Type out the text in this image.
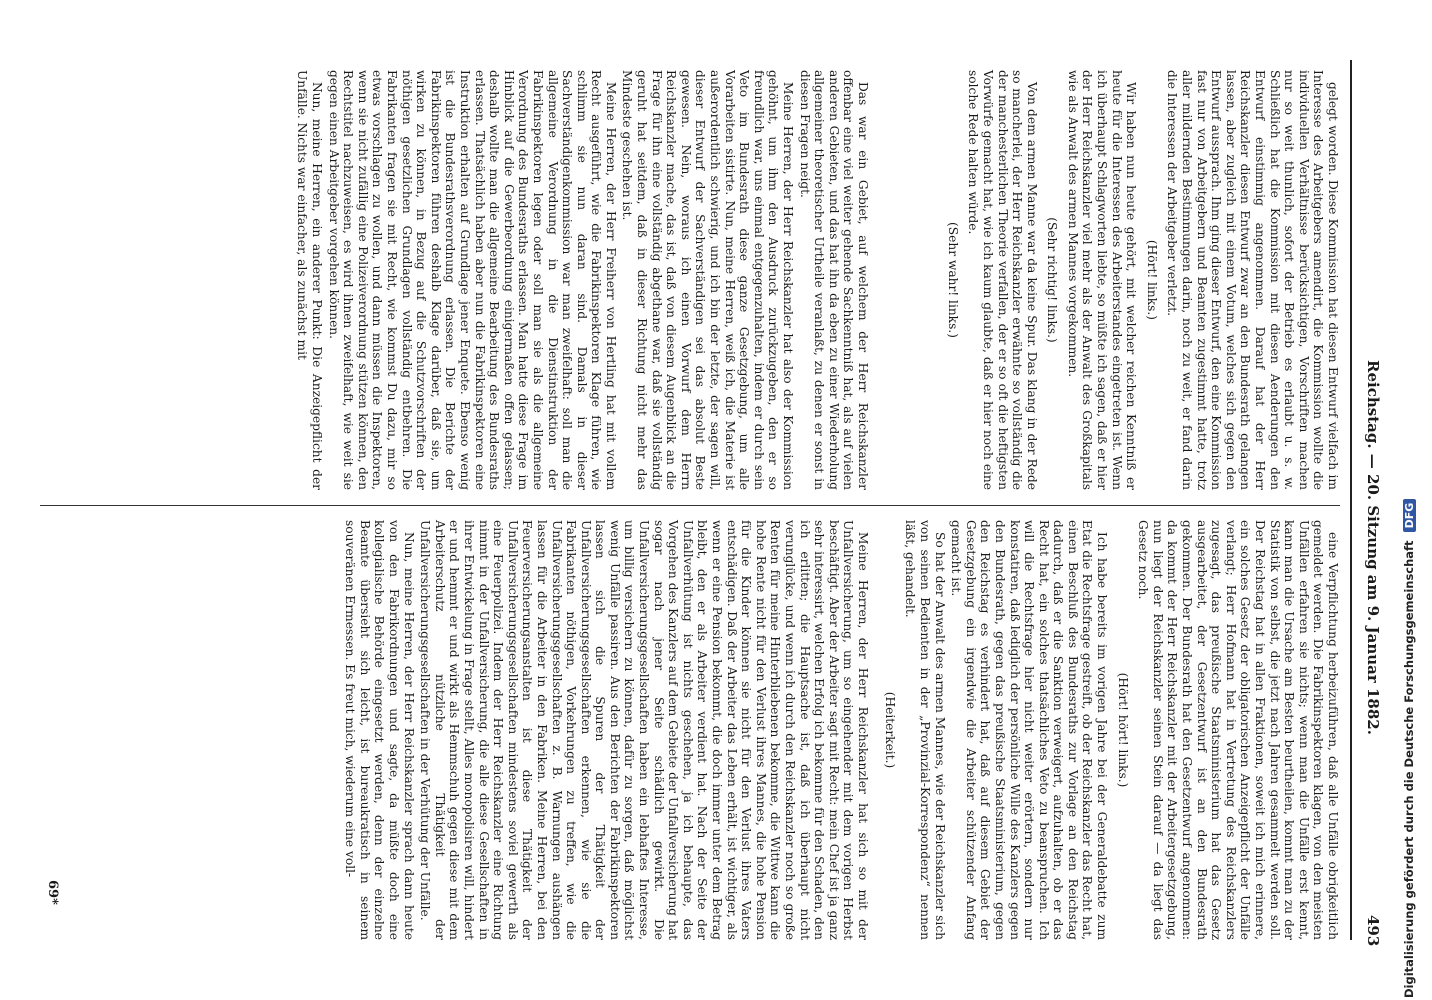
Reichstag. — 20. Sitzung am 9. Januar 1882.
493

gelegt worden. Diese Kommission hat diesen Entwurf vielfach im Interesse des Arbeitgebers amendirt, die Kommission wollte die individuellen Verhältnisse berücksichtigen, Vorschriften machen nur so weit thunlich, sofort der Betrieb es erlaubt u. s. w. Schließlich hat die Kommission mit diesen Aenderungen den Entwurf einstimmig angenommen. Darauf hat der Herr Reichskanzler diesen Entwurf zwar an den Bundesrath gelangen lassen, aber zugleich mit einem Votum, welches sich gegen den Entwurf aussprach. Ihm ging dieser Entwurf, den eine Kommission fast nur von Arbeitgebern und Beamten zugestimmt hatte, trotz aller mildernden Bestimmungen darin, noch zu weit, er fand darin die Interessen der Arbeitgeber verletzt.

(Hört! links.)

Wir haben nun heute gehört, mit welcher reichen Kenntniß er heute für die Interessen des Arbeiterstandes eingetreten ist. Wenn ich überhaupt Schlagworten liebte, so müßte ich sagen, daß er hier der Herr Reichskanzler viel mehr als der Anwalt des Großkapitals wie als Anwalt des armen Mannes vorgekommen.

(Sehr richtig! links.)

Von dem armen Manne war da keine Spur. Das klang in der Rede so mancherlei, der Herr Reichskanzler erwähnte so vollständig die der manchesterlichen Theorie verfallen, der er so oft die heftigsten Vorwürfe gemacht hat, wie ich kaum glaubte, daß er hier noch eine solche Rede halten würde.

(Sehr wahr! links.)

Das war ein Gebiet, auf welchem der Herr Reichskanzler offenbar eine viel weiter gehende Sachkenntniß hat, als auf vielen anderen Gebieten, und das hat ihn da eben zu einer Wiederholung allgemeiner theoretischer Urtheile veranlaßt, zu denen er sonst in diesen Fragen neigt.

Meine Herren, der Herr Reichskanzler hat also der Kommission gehöhnt, um ihm den Ausdruck zurückzugeben, den er so freundlich war, uns einmal entgegenzuhalten, indem er durch sein Veto im Bundesrath diese ganze Gesetzgebung, um alle Vorarbeiten sistirte. Nun, meine Herren, weiß ich, die Materie ist außerordentlich schwierig, und ich bin der letzte, der sagen will, dieser Entwurf der Sachverständigen sei das absolut Beste gewesen. Nein, woraus ich einen Vorwurf dem Herrn Reichskanzler mache, das ist, daß von diesem Augenblick an die Frage für ihn eine vollständig abgethane war, daß sie vollständig geruht hat seitdem, daß in dieser Richtung nicht mehr das Mindeste geschehen ist.

Meine Herren, der Herr Freiherr von Hertling hat mit vollem Recht ausgeführt, wie die Fabrikinspektoren Klage führen, wie schlimm sie nun daran sind. Damals in dieser Sachverständigenkommission war man zweifelhaft: soll man die allgemeine Verordnung in die Dienstinstruktion der Fabrikinspektoren legen oder soll man sie als die allgemeine Verordnung des Bundesraths erlassen. Man hatte diese Frage im Hinblick auf die Gewerbeordnung einigermaßen offen gelassen; deshalb wollte man die allgemeine Bearbeitung des Bundesraths erlassen. Thatsächlich haben aber nun die Fabrikinspektoren eine Instruktion erhalten auf Grundlage jener Enquete. Ebenso wenig ist die Bundesrathsverordnung erlassen. Die Berichte der Fabrikinspektoren führen deshalb Klage darüber, daß sie, um wirken zu können, in Bezug auf die Schutzvorschriften der nöthigen gesetzlichen Grundlagen vollständig entbehren. Die Fabrikanten fragen sie mit Recht, wie kommst Du dazu, mir so etwas vorschlagen zu wollen, und dann müssen die Inspektoren, wenn sie nicht zufällig eine Polizeiverordnung stützen können, den Rechtstitel nachzuweisen, es wird ihnen zweifelhaft, wie weit sie gegen einen Arbeitgeber vorgehen können.

Nun, meine Herren, ein anderer Punkt: Die Anzeigepflicht der Unfälle. Nichts war einfacher, als zunächst mit

eine Verpflichtung herbeizuführen, daß alle Unfälle obrigkeitlich gemeldet werden. Die Fabrikinspektoren klagen, von den meisten Unfällen erfahren sie nichts; wenn man die Unfälle erst kennt, kann man die Ursache am Besten beurtheilen, kommt man zu der Statistik von selbst, die jetzt nach Jahren gesammelt werden soll. Der Reichstag hat in allen Fraktionen, soweit ich mich erinnere, ein solches Gesetz der obligatorischen Anzeigepflicht der Unfälle verlangt; Herr Hofmann hat in Vertretung des Reichskanzlers zugesagt, das preußische Staatsministerium hat das Gesetz ausgearbeitet, der Gesetzentwurf ist an den Bundesrath gekommen. Der Bundesrath hat den Gesetzentwurf angenommen: da kommt der Herr Reichskanzler mit der Arbeitergesetzgebung, nun liegt der Reichskanzler seinen Stein darauf — da liegt das Gesetz noch.

(Hört! hört! links.)

Ich habe bereits im vorigen Jahre bei der Generaldebatte zum Etat die Rechtsfrage gestreift, ob der Reichskanzler das Recht hat, einen Beschluß des Bundesraths zur Vorlage an den Reichstag dadurch, daß er die Sanktion verweigert, aufzuhalten, ob er das Recht hat, ein solches thatsächliches Veto zu beanspruchen. Ich will die Rechtsfrage hier nicht weiter erörtern, sondern nur konstatiren, daß lediglich der persönliche Wille des Kanzlers gegen den Bundesrath, gegen das preußische Staatsministerium, gegen den Reichstag es verhindert hat, daß auf diesem Gebiet der Gesetzgebung ein irgendwie die Arbeiter schützender Anfang gemacht ist.

So hat der Anwalt des armen Mannes, wie der Reichskanzler sich von seinen Bedienten in der „Provinzial-Korrespondenz“ nennen läßt, gehandelt.

(Heiterkeit.)

Meine Herren, der Herr Reichskanzler hat sich so mit der Unfallversicherung, um so eingehender mit dem vorigen Herbst beschäftigt. Aber der Arbeiter sagt mit Recht: mein Chef ist ja ganz sehr interessirt, welchen Erfolg ich bekomme für den Schaden, den ich erlitten; die Hauptsache ist, daß ich überhaupt nicht verunglücke, und wenn ich durch den Reichskanzler noch so große Renten für meine Hinterbliebenen bekomme, die Wittwe kann die hohe Rente nicht für den Verlust ihres Mannes, die hohe Pension für die Kinder können sie nicht für den Verlust ihres Vaters entschädigen. Daß der Arbeiter das Leben erhält, ist wichtiger, als wenn er eine Pension bekommt, die doch immer unter dem Betrag bleibt, den er als Arbeiter verdient hat. Nach der Seite der Unfallverhütung ist nichts geschehen, ja ich behaupte, das Vorgehen des Kanzlers auf dem Gebiete der Unfallversicherung hat sogar nach jener Seite schädlich gewirkt. Die Unfallversicherungsgesellschaften haben ein lebhaftes Interesse, um billig versichern zu können, dafür zu sorgen, daß möglichst wenig Unfälle passiren. Aus den Berichten der Fabrikinspektoren lassen sich die Spuren der Thätigkeit der Unfallversicherungsgesellschaften erkennen, wie sie die Fabrikanten nöthigen, Vorkehrungen zu treffen, wie die Unfallversicherungsgesellschaften z. B. Warnungen aushängen lassen für die Arbeiter in den Fabriken. Meine Herren, bei den Feuerversicherungsanstalten ist diese Thätigkeit der Unfallversicherungsgesellschaften mindestens soviel gewerth als eine Feuerpolizei. Indem der Herr Reichskanzler eine Richtung nimmt in der Unfallversicherung, die alle diese Gesellschaften in ihrer Entwickelung in Frage stellt, Alles monopolisiren will, hindert er und hemmt er und wirkt als Hemmschuh gegen diese mit dem Arbeiterschutz nützliche Thätigkeit der Unfallversicherungsgesellschaften in der Verhütung der Unfälle.

Nun, meine Herren, der Herr Reichskanzler sprach dann heute von den Fabrikordnungen und sagte, da müßte doch eine kollegialische Behörde eingesetzt werden, denn der einzelne Beamte übersieht sich leicht, ist bureaukratisch in seinem souveränen Ermessen. Es freut mich, wiederum eine voll-

69*	Digitalisierung gefördert durch die Deutsche Forschungsgemeinschaft DFG
